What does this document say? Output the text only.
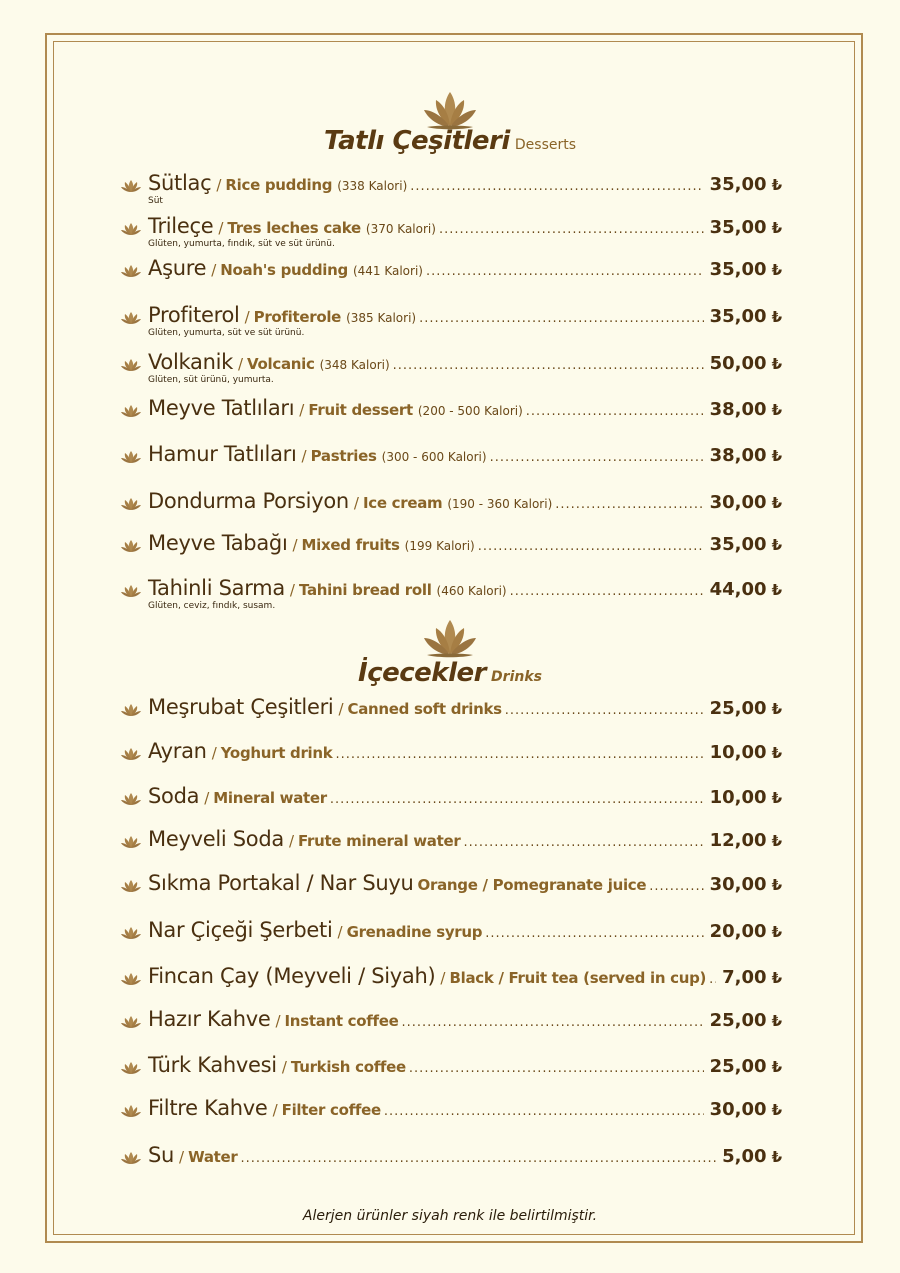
Tatlı Çeşitleri Desserts
Sütlaç / Rice pudding (338 Kalori) .....	35,00 ₺
Süt
Trileçe / Tres leches cake (370 Kalori) .....	35,00 ₺
Glüten, yumurta, fındık, süt ve süt ürünü.
Aşure / Noah's pudding (441 Kalori) .....	35,00 ₺
Profiterol / Profiterole (385 Kalori) .....	35,00 ₺
Glüten, yumurta, süt ve süt ürünü.
Volkanik / Volcanic (348 Kalori) .....	50,00 ₺
Glüten, süt ürünü, yumurta.
Meyve Tatlıları / Fruit dessert (200 - 500 Kalori) .....	38,00 ₺
Hamur Tatlıları / Pastries (300 - 600 Kalori) .....	38,00 ₺
Dondurma Porsiyon / Ice cream (190 - 360 Kalori) .....	30,00 ₺
Meyve Tabağı / Mixed fruits (199 Kalori) .....	35,00 ₺
Tahinli Sarma / Tahini bread roll (460 Kalori) .....	44,00 ₺
Glüten, ceviz, fındık, susam.
İçecekler Drinks
Meşrubat Çeşitleri / Canned soft drinks .....	25,00 ₺
Ayran / Yoghurt drink .....	10,00 ₺
Soda / Mineral water .....	10,00 ₺
Meyveli Soda / Frute mineral water .....	12,00 ₺
Sıkma Portakal / Nar Suyu Orange / Pomegranate juice .....	30,00 ₺
Nar Çiçeği Şerbeti / Grenadine syrup .....	20,00 ₺
Fincan Çay (Meyveli / Siyah) / Black / Fruit tea (served in cup) ..... 7,00 ₺
Hazır Kahve / Instant coffee .....	25,00 ₺
Türk Kahvesi / Turkish coffee .....	25,00 ₺
Filtre Kahve / Filter coffee .....	30,00 ₺
Su / Water .....	5,00 ₺
Alerjen ürünler siyah renk ile belirtilmiştir.
